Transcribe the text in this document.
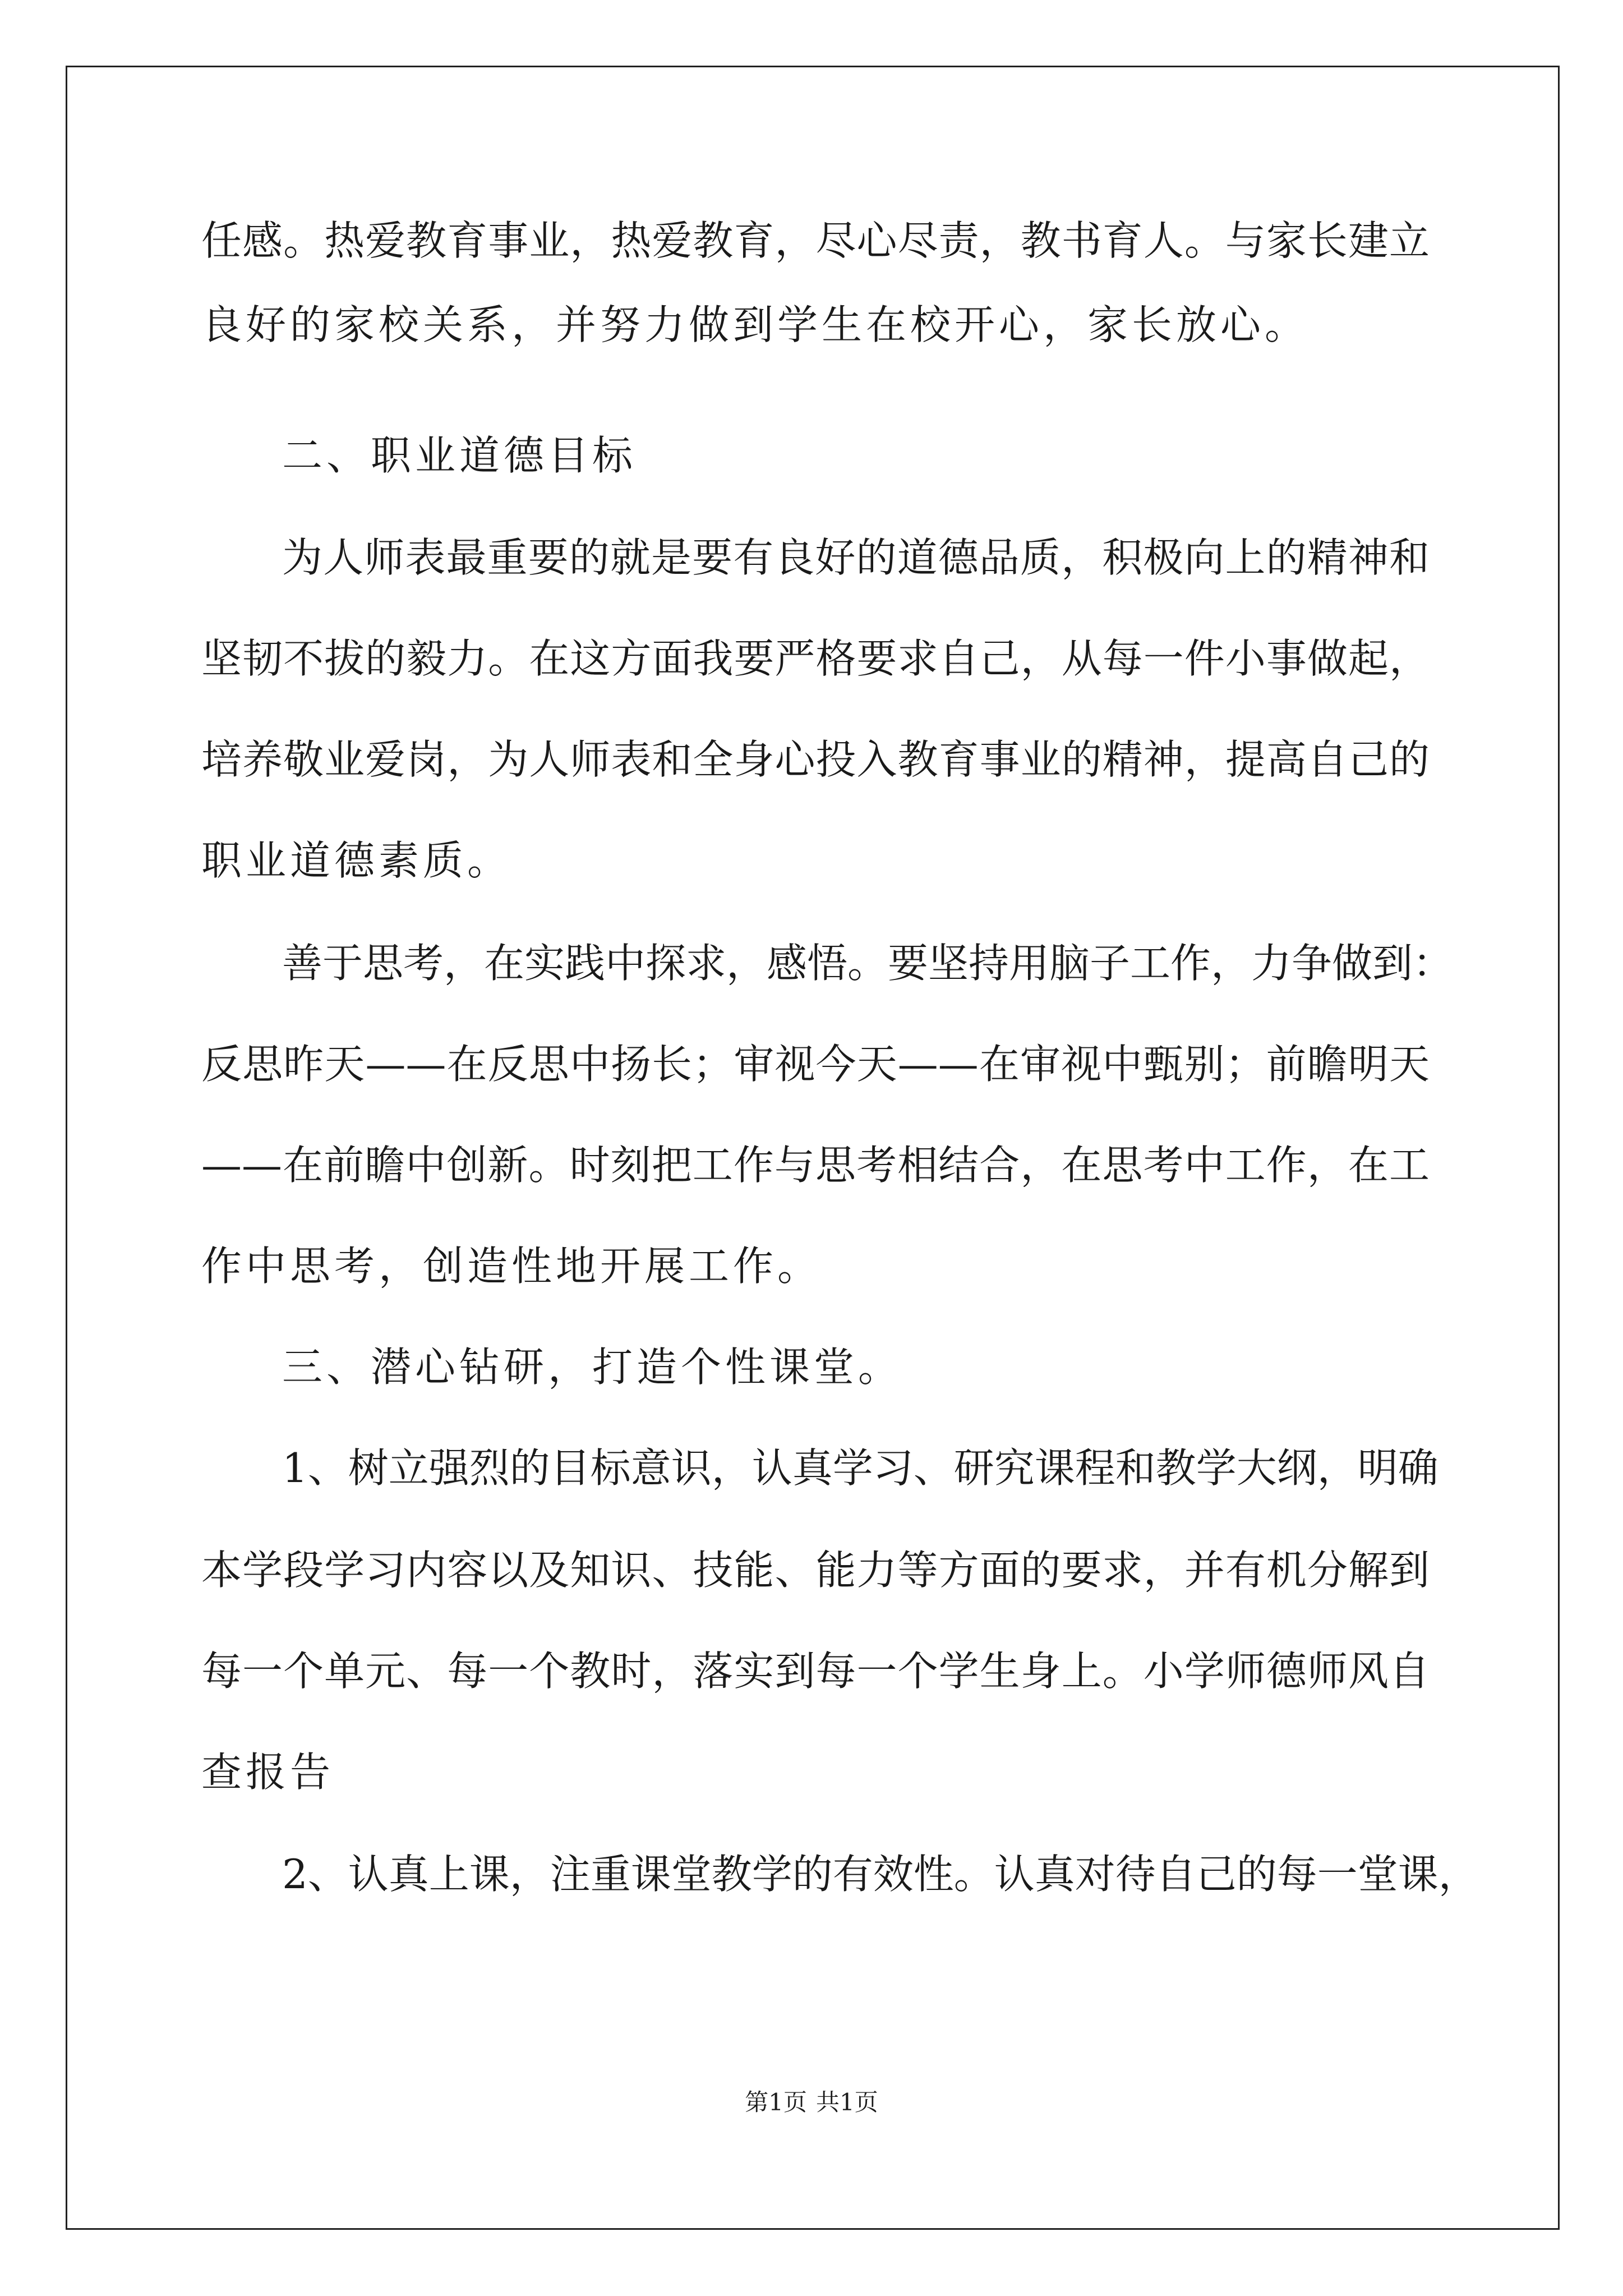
任感。热爱教育事业，热爱教育，尽心尽责，教书育人。与家长建立
良好的家校关系，并努力做到学生在校开心，家长放心。
二、职业道德目标
为人师表最重要的就是要有良好的道德品质，积极向上的精神和
坚韧不拔的毅力。在这方面我要严格要求自己，从每一件小事做起，
培养敬业爱岗，为人师表和全身心投入教育事业的精神，提高自己的
职业道德素质。
善于思考，在实践中探求，感悟。要坚持用脑子工作，力争做到：
反思昨天——在反思中扬长；审视今天——在审视中甄别；前瞻明天
——在前瞻中创新。时刻把工作与思考相结合，在思考中工作，在工
作中思考，创造性地开展工作。
三、潜心钻研，打造个性课堂。
1、树立强烈的目标意识，认真学习、研究课程和教学大纲，明确
本学段学习内容以及知识、技能、能力等方面的要求，并有机分解到
每一个单元、每一个教时，落实到每一个学生身上。小学师德师风自
查报告
2、认真上课，注重课堂教学的有效性。认真对待自己的每一堂课，
第1页 共1页
